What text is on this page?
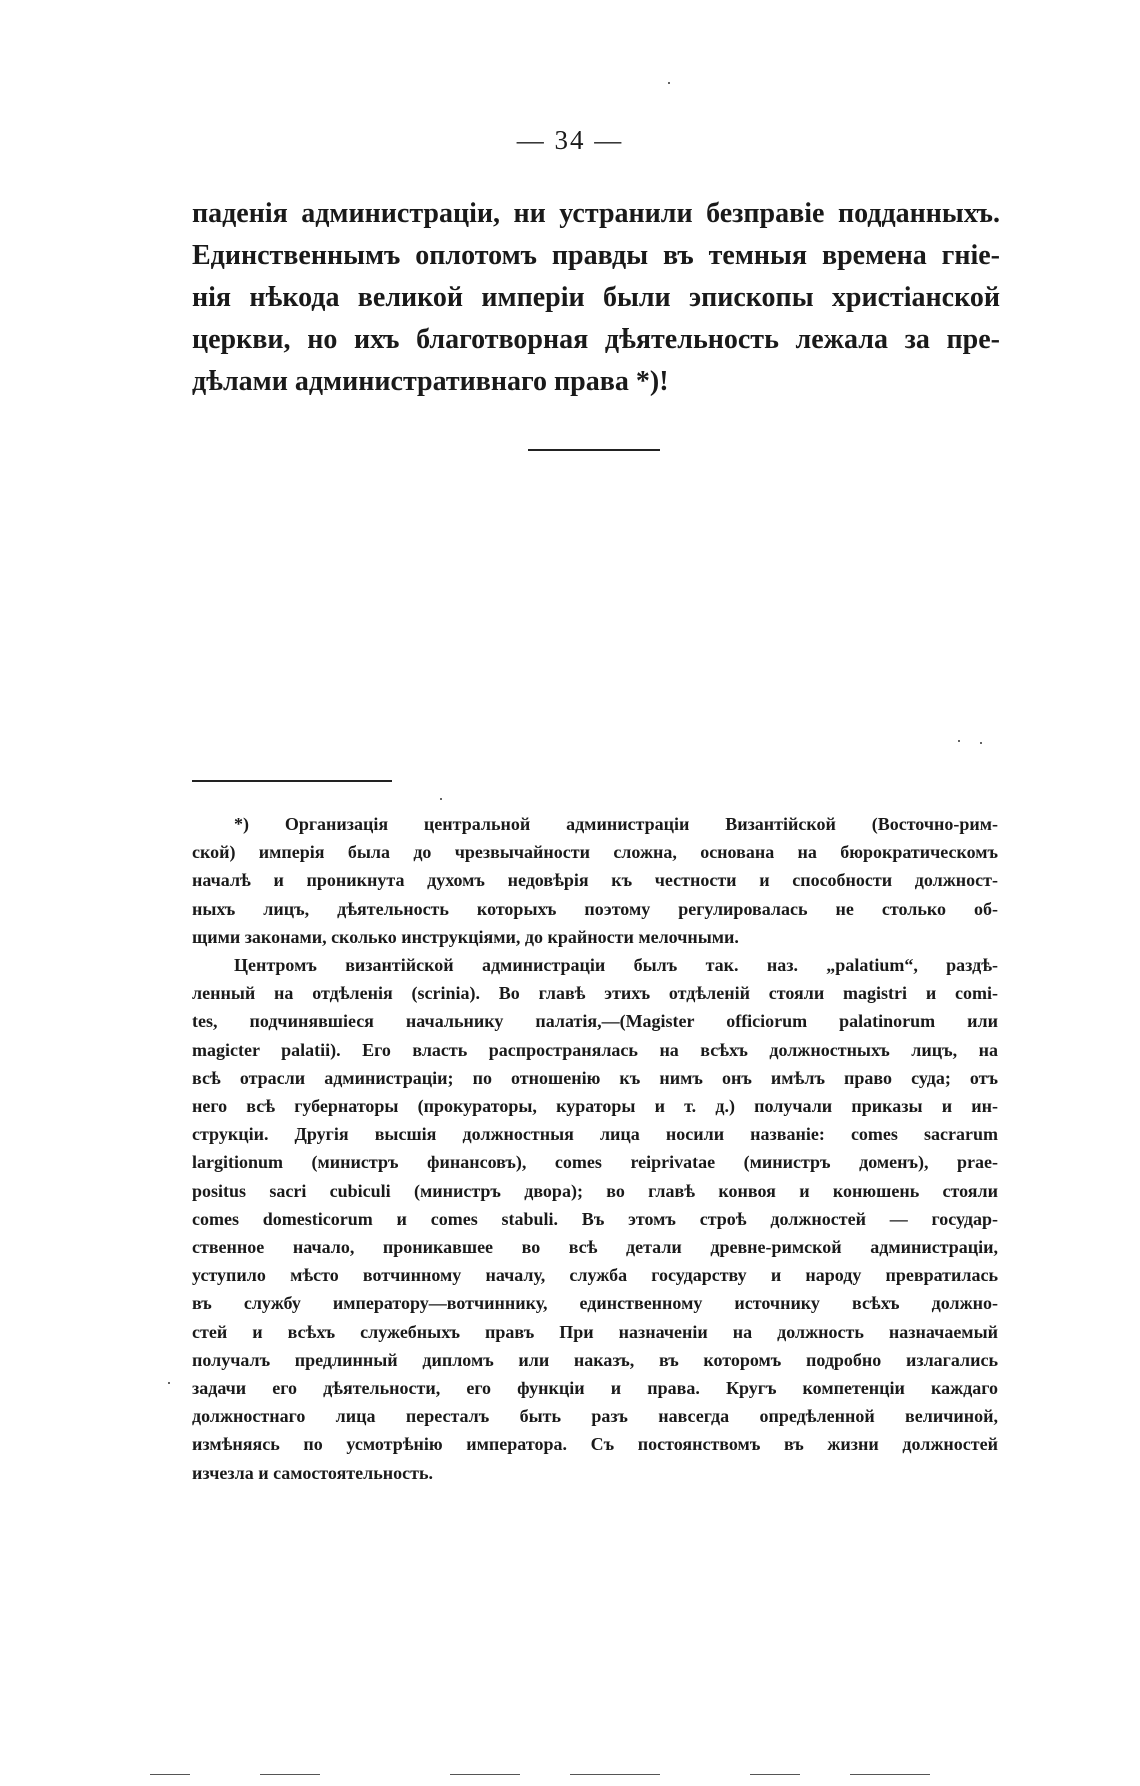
— 34 —
паденія администраціи, ни устранили безправіе подданныхъ.
Единственнымъ оплотомъ правды въ темныя времена гніе-
нія нѣкода великой имперіи были эпископы христіанской
церкви, но ихъ благотворная дѣятельность лежала за пре-
дѣлами административнаго права *)!
*) Организація центральной администраціи Византійской (Восточно-рим-
ской) имперія была до чрезвычайности сложна, основана на бюрократическомъ
началѣ и проникнута духомъ недовѣрія къ честности и способности должност-
ныхъ лицъ, дѣятельность которыхъ поэтому регулировалась не столько об-
щими законами, сколько инструкціями, до крайности мелочными.
Центромъ византійской администраціи былъ так. наз. „palatium“, раздѣ-
ленный на отдѣленія (scrinia). Во главѣ этихъ отдѣленій стояли magistri и comi-
tes, подчинявшіеся начальнику палатія,—(Magister officiorum palatinorum или
magicter palatii). Его власть распространялась на всѣхъ должностныхъ лицъ, на
всѣ отрасли администраціи; по отношенію къ нимъ онъ имѣлъ право суда; отъ
него всѣ губернаторы (прокураторы, кураторы и т. д.) получали приказы и ин-
струкціи. Другія высшія должностныя лица носили названіе: comes sacrarum
largitionum (министръ финансовъ), comes reiprivatae (министръ доменъ), prae-
positus sacri cubiculi (министръ двора); во главѣ конвоя и конюшень стояли
comes domesticorum и comes stabuli. Въ этомъ строѣ должностей — государ-
ственное начало, проникавшее во всѣ детали древне-римской администраціи,
уступило мѣсто вотчинному началу, служба государству и народу превратилась
въ службу императору—вотчиннику, единственному источнику всѣхъ должно-
стей и всѣхъ служебныхъ правъ При назначеніи на должность назначаемый
получалъ предлинный дипломъ или наказъ, въ которомъ подробно излагались
задачи его дѣятельности, его функціи и права. Кругъ компетенціи каждаго
должностнаго лица пересталъ быть разъ навсегда опредѣленной величиной,
измѣняясь по усмотрѣнію императора. Съ постоянствомъ въ жизни должностей
изчезла и самостоятельность.
